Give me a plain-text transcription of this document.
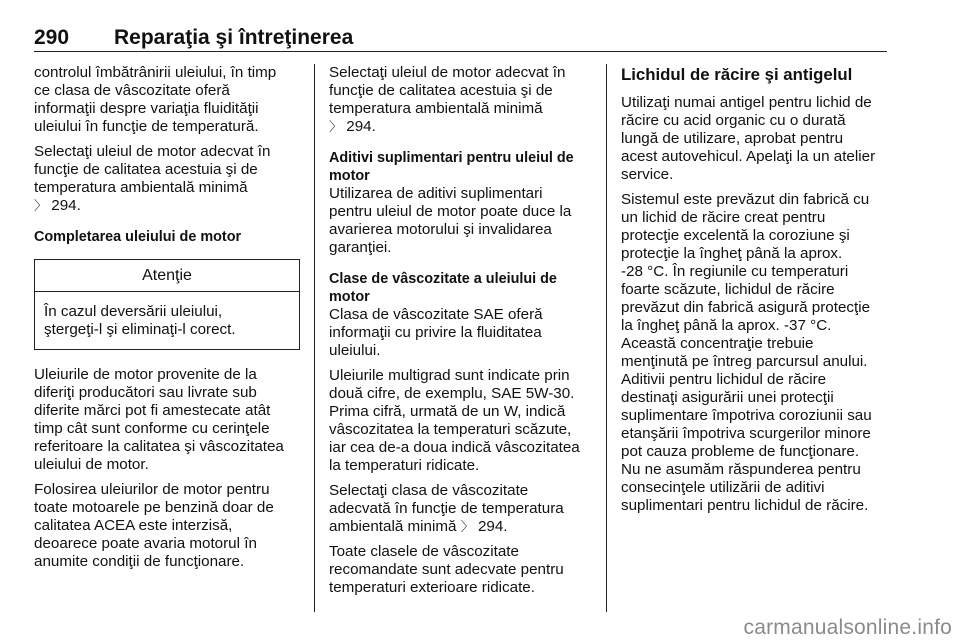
290 Reparaţia şi întreţinerea

controlul îmbătrânirii uleiului, în timp
ce clasa de vâscozitate oferă
informaţii despre variaţia fluidităţii
uleiului în funcţie de temperatură.

Selectaţi uleiul de motor adecvat în
funcţie de calitatea acestuia şi de
temperatura ambientală minimă
〉 294.

Completarea uleiului de motor
Atenţie
În cazul deversării uleiului,
ştergeţi-l şi eliminaţi-l corect.

Uleiurile de motor provenite de la
diferiţi producători sau livrate sub
diferite mărci pot fi amestecate atât
timp cât sunt conforme cu cerinţele
referitoare la calitatea şi vâscozitatea
uleiului de motor.

Folosirea uleiurilor de motor pentru
toate motoarele pe benzină doar de
calitatea ACEA este interzisă,
deoarece poate avaria motorul în
anumite condiţii de funcţionare.

Selectaţi uleiul de motor adecvat în
funcţie de calitatea acestuia şi de
temperatura ambientală minimă
〉 294.

Aditivi suplimentari pentru uleiul de
motor

Utilizarea de aditivi suplimentari
pentru uleiul de motor poate duce la
avarierea motorului şi invalidarea
garanţiei.

Clase de vâscozitate a uleiului de
motor

Clasa de vâscozitate SAE oferă
informaţii cu privire la fluiditatea
uleiului.

Uleiurile multigrad sunt indicate prin
două cifre, de exemplu, SAE 5W-30.
Prima cifră, urmată de un W, indică
vâscozitatea la temperaturi scăzute,
iar cea de-a doua indică vâscozitatea
la temperaturi ridicate.

Selectaţi clasa de vâscozitate
adecvată în funcţie de temperatura
ambientală minimă 〉 294.

Toate clasele de vâscozitate
recomandate sunt adecvate pentru
temperaturi exterioare ridicate.

Lichidul de răcire şi antigelul

Utilizaţi numai antigel pentru lichid de
răcire cu acid organic cu o durată
lungă de utilizare, aprobat pentru
acest autovehicul. Apelaţi la un atelier
service.

Sistemul este prevăzut din fabrică cu
un lichid de răcire creat pentru
protecţie excelentă la coroziune şi
protecţie la îngheţ până la aprox.
-28 °C. În regiunile cu temperaturi
foarte scăzute, lichidul de răcire
prevăzut din fabrică asigură protecţie
la îngheţ până la aprox. -37 °C.
Această concentraţie trebuie
menţinută pe întreg parcursul anului.
Aditivii pentru lichidul de răcire
destinaţi asigurării unei protecţii
suplimentare împotriva coroziunii sau
etanşării împotriva scurgerilor minore
pot cauza probleme de funcţionare.
Nu ne asumăm răspunderea pentru
consecinţele utilizării de aditivi
suplimentari pentru lichidul de răcire.

carmanualsonline.info
